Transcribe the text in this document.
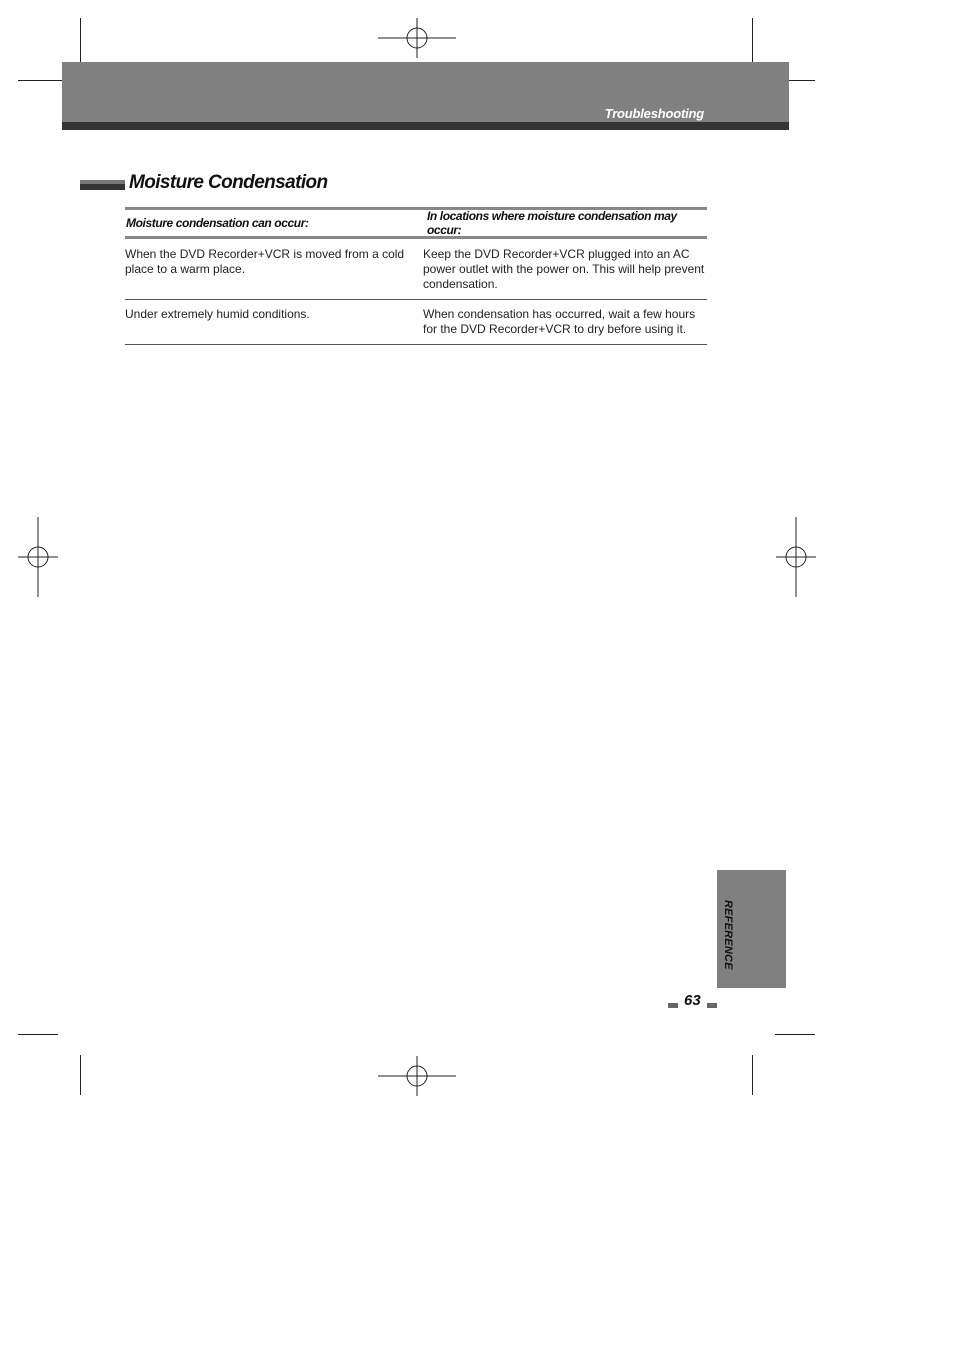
Troubleshooting
Moisture Condensation
Moisture condensation can occur:	In locations where moisture condensation may occur:
When the DVD Recorder+VCR is moved from a cold place to a warm place.
Keep the DVD Recorder+VCR plugged into an AC power outlet with the power on. This will help prevent condensation.
Under extremely humid conditions.	When condensation has occurred, wait a few hours for the DVD Recorder+VCR to dry before using it.
REFERENCE
63
